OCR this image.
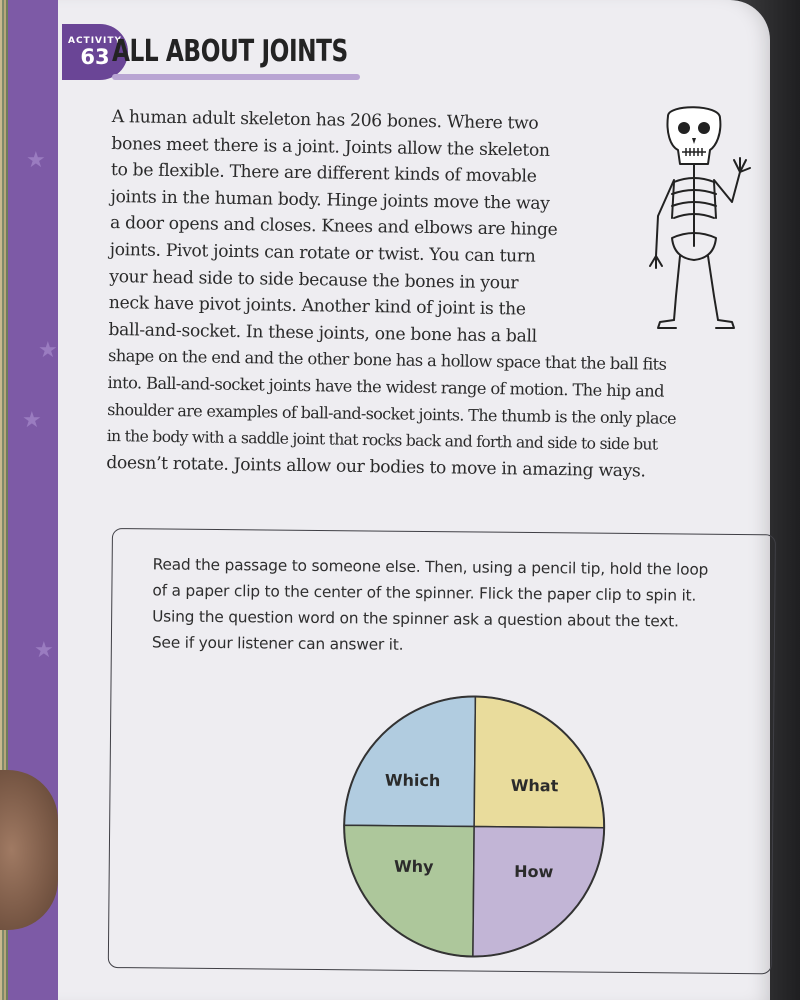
★
★
★
★
ACTIVITY
63 ALL ABOUT JOINTS
A human adult skeleton has 206 bones. Where two
bones meet there is a joint. Joints allow the skeleton
to be flexible. There are different kinds of movable
joints in the human body. Hinge joints move the way
a door opens and closes. Knees and elbows are hinge
joints. Pivot joints can rotate or twist. You can turn
your head side to side because the bones in your
neck have pivot joints. Another kind of joint is the
ball-and-socket. In these joints, one bone has a ball
shape on the end and the other bone has a hollow space that the ball fits
into. Ball-and-socket joints have the widest range of motion. The hip and
shoulder are examples of ball-and-socket joints. The thumb is the only place
in the body with a saddle joint that rocks back and forth and side to side but
doesn’t rotate. Joints allow our bodies to move in amazing ways.
Read the passage to someone else. Then, using a pencil tip, hold the loop
of a paper clip to the center of the spinner. Flick the paper clip to spin it.
Using the question word on the spinner ask a question about the text.
See if your listener can answer it.
Which	What
Why	How
